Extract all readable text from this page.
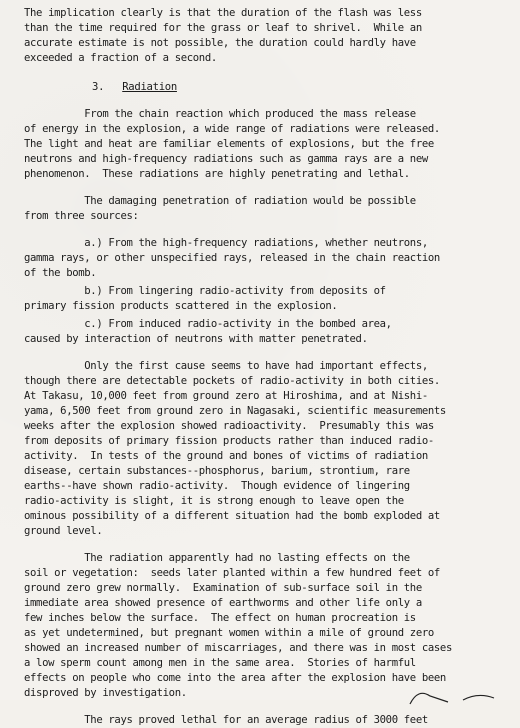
The implication clearly is that the duration of the flash was less
than the time required for the grass or leaf to shrivel.  While an
accurate estimate is not possible, the duration could hardly have
exceeded a fraction of a second.
3. Radiation
From the chain reaction which produced the mass release
of energy in the explosion, a wide range of radiations were released.
The light and heat are familiar elements of explosions, but the free
neutrons and high-frequency radiations such as gamma rays are a new
phenomenon.  These radiations are highly penetrating and lethal.
The damaging penetration of radiation would be possible
from three sources:
a.) From the high-frequency radiations, whether neutrons,
gamma rays, or other unspecified rays, released in the chain reaction
of the bomb.
b.) From lingering radio-activity from deposits of
primary fission products scattered in the explosion.
c.) From induced radio-activity in the bombed area,
caused by interaction of neutrons with matter penetrated.
Only the first cause seems to have had important effects,
though there are detectable pockets of radio-activity in both cities.
At Takasu, 10,000 feet from ground zero at Hiroshima, and at Nishi-
yama, 6,500 feet from ground zero in Nagasaki, scientific measurements
weeks after the explosion showed radioactivity.  Presumably this was
from deposits of primary fission products rather than induced radio-
activity.  In tests of the ground and bones of victims of radiation
disease, certain substances--phosphorus, barium, strontium, rare
earths--have shown radio-activity.  Though evidence of lingering
radio-activity is slight, it is strong enough to leave open the
ominous possibility of a different situation had the bomb exploded at
ground level.
The radiation apparently had no lasting effects on the
soil or vegetation:  seeds later planted within a few hundred feet of
ground zero grew normally.  Examination of sub-surface soil in the
immediate area showed presence of earthworms and other life only a
few inches below the surface.  The effect on human procreation is
as yet undetermined, but pregnant women within a mile of ground zero
showed an increased number of miscarriages, and there was in most cases
a low sperm count among men in the same area.  Stories of harmful
effects on people who come into the area after the explosion have been
disproved by investigation.
The rays proved lethal for an average radius of 3000 feet
